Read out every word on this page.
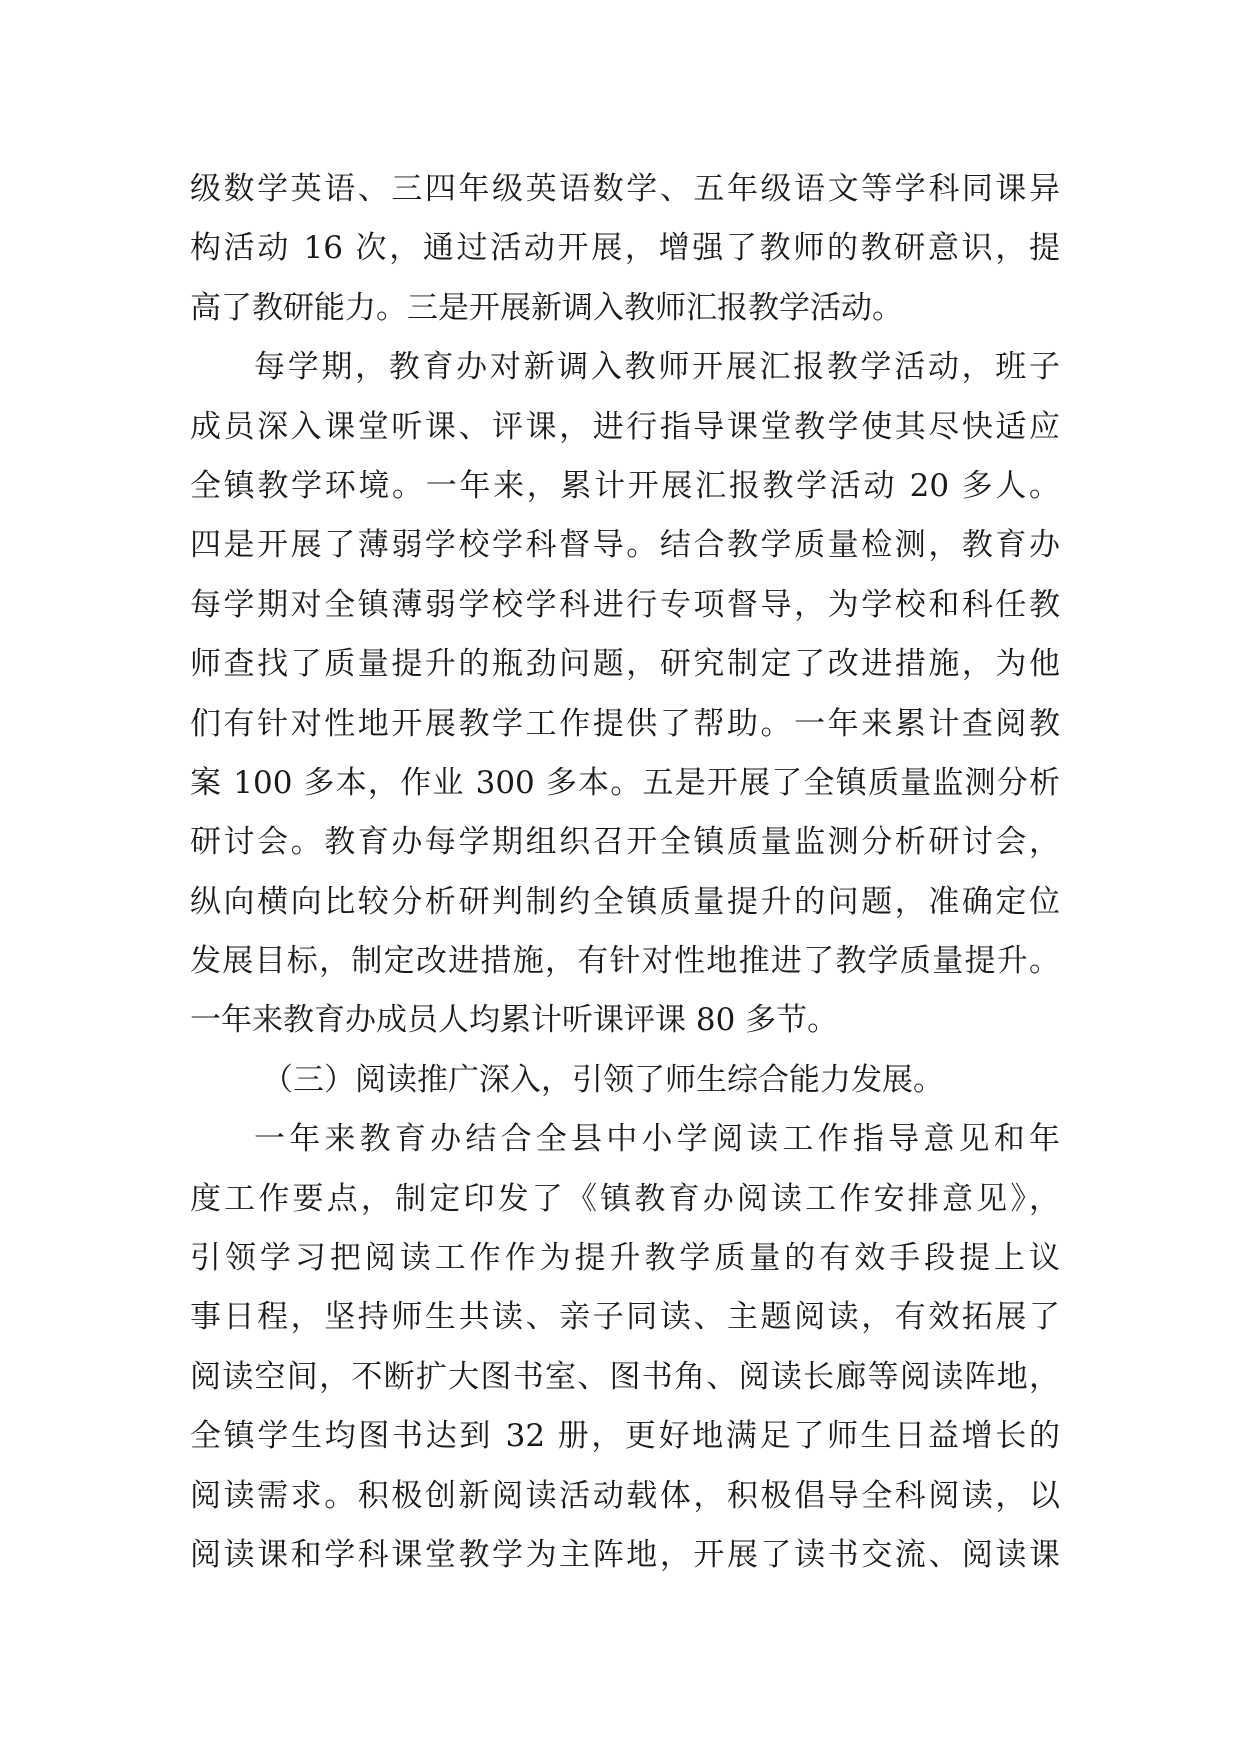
级数学英语、三四年级英语数学、五年级语文等学科同课异
构活动 16 次，通过活动开展，增强了教师的教研意识，提
高了教研能力。三是开展新调入教师汇报教学活动。
每学期，教育办对新调入教师开展汇报教学活动，班子
成员深入课堂听课、评课，进行指导课堂教学使其尽快适应
全镇教学环境。一年来，累计开展汇报教学活动 20 多人。
四是开展了薄弱学校学科督导。结合教学质量检测，教育办
每学期对全镇薄弱学校学科进行专项督导，为学校和科任教
师查找了质量提升的瓶劲问题，研究制定了改进措施，为他
们有针对性地开展教学工作提供了帮助。一年来累计查阅教
案 100 多本，作业 300 多本。五是开展了全镇质量监测分析
研讨会。教育办每学期组织召开全镇质量监测分析研讨会，
纵向横向比较分析研判制约全镇质量提升的问题，准确定位
发展目标，制定改进措施，有针对性地推进了教学质量提升。
一年来教育办成员人均累计听课评课 80 多节。
（三）阅读推广深入，引领了师生综合能力发展。
一年来教育办结合全县中小学阅读工作指导意见和年
度工作要点，制定印发了《镇教育办阅读工作安排意见》，
引领学习把阅读工作作为提升教学质量的有效手段提上议
事日程，坚持师生共读、亲子同读、主题阅读，有效拓展了
阅读空间，不断扩大图书室、图书角、阅读长廊等阅读阵地，
全镇学生均图书达到 32 册，更好地满足了师生日益增长的
阅读需求。积极创新阅读活动载体，积极倡导全科阅读，以
阅读课和学科课堂教学为主阵地，开展了读书交流、阅读课
